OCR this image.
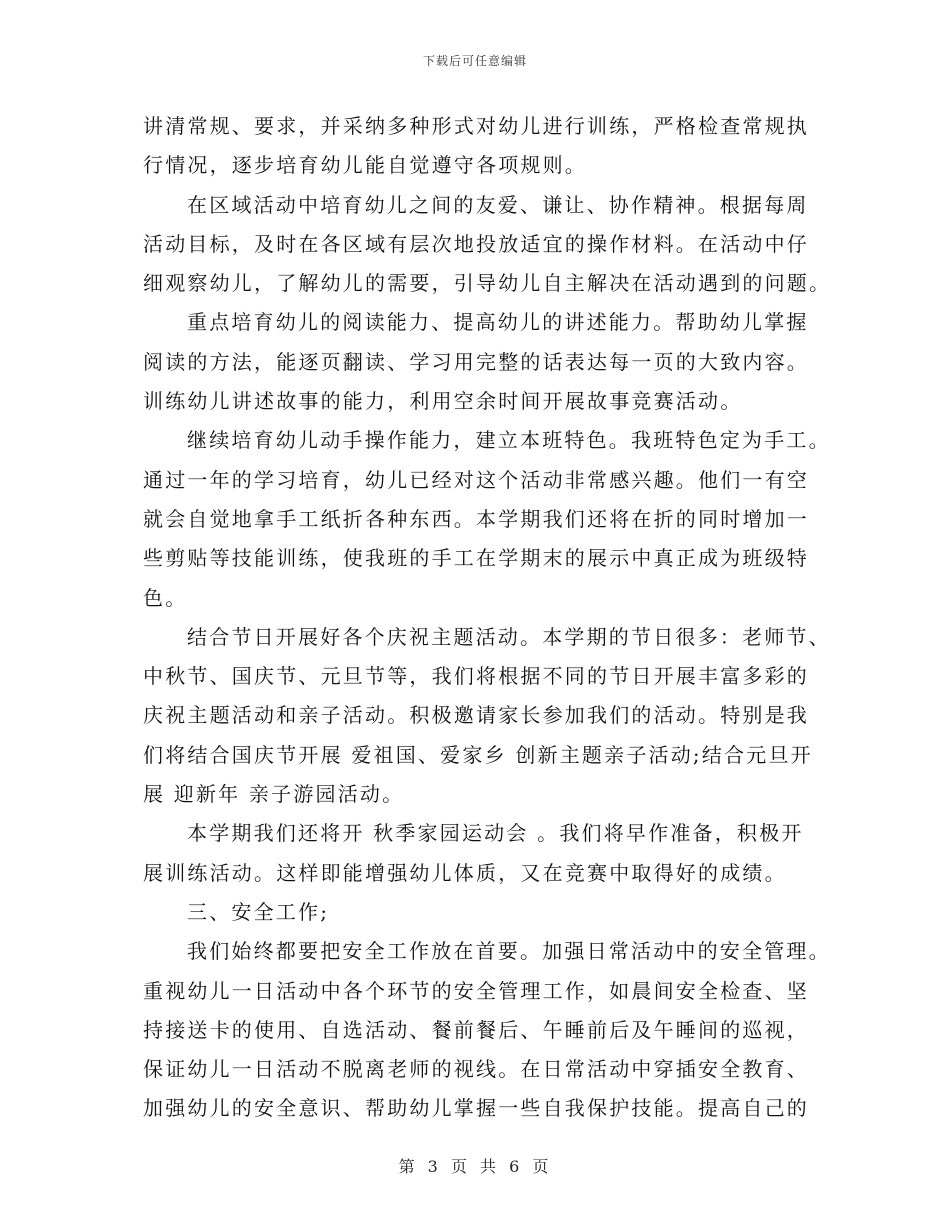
下载后可任意编辑
讲清常规、要求，并采纳多种形式对幼儿进行训练，严格检查常规执
行情况，逐步培育幼儿能自觉遵守各项规则。
在区域活动中培育幼儿之间的友爱、谦让、协作精神。根据每周
活动目标，及时在各区域有层次地投放适宜的操作材料。在活动中仔
细观察幼儿，了解幼儿的需要，引导幼儿自主解决在活动遇到的问题。
重点培育幼儿的阅读能力、提高幼儿的讲述能力。帮助幼儿掌握
阅读的方法，能逐页翻读、学习用完整的话表达每一页的大致内容。
训练幼儿讲述故事的能力，利用空余时间开展故事竞赛活动。
继续培育幼儿动手操作能力，建立本班特色。我班特色定为手工。
通过一年的学习培育，幼儿已经对这个活动非常感兴趣。他们一有空
就会自觉地拿手工纸折各种东西。本学期我们还将在折的同时增加一
些剪贴等技能训练，使我班的手工在学期末的展示中真正成为班级特
色。
结合节日开展好各个庆祝主题活动。本学期的节日很多：老师节、
中秋节、国庆节、元旦节等，我们将根据不同的节日开展丰富多彩的
庆祝主题活动和亲子活动。积极邀请家长参加我们的活动。特别是我
们将结合国庆节开展 爱祖国、爱家乡 创新主题亲子活动;结合元旦开
展 迎新年 亲子游园活动。
本学期我们还将开 秋季家园运动会 。我们将早作准备，积极开
展训练活动。这样即能增强幼儿体质，又在竞赛中取得好的成绩。
三、安全工作;
我们始终都要把安全工作放在首要。加强日常活动中的安全管理。
重视幼儿一日活动中各个环节的安全管理工作，如晨间安全检查、坚
持接送卡的使用、自选活动、餐前餐后、午睡前后及午睡间的巡视，
保证幼儿一日活动不脱离老师的视线。在日常活动中穿插安全教育、
加强幼儿的安全意识、帮助幼儿掌握一些自我保护技能。提高自己的
第 3 页 共 6 页
